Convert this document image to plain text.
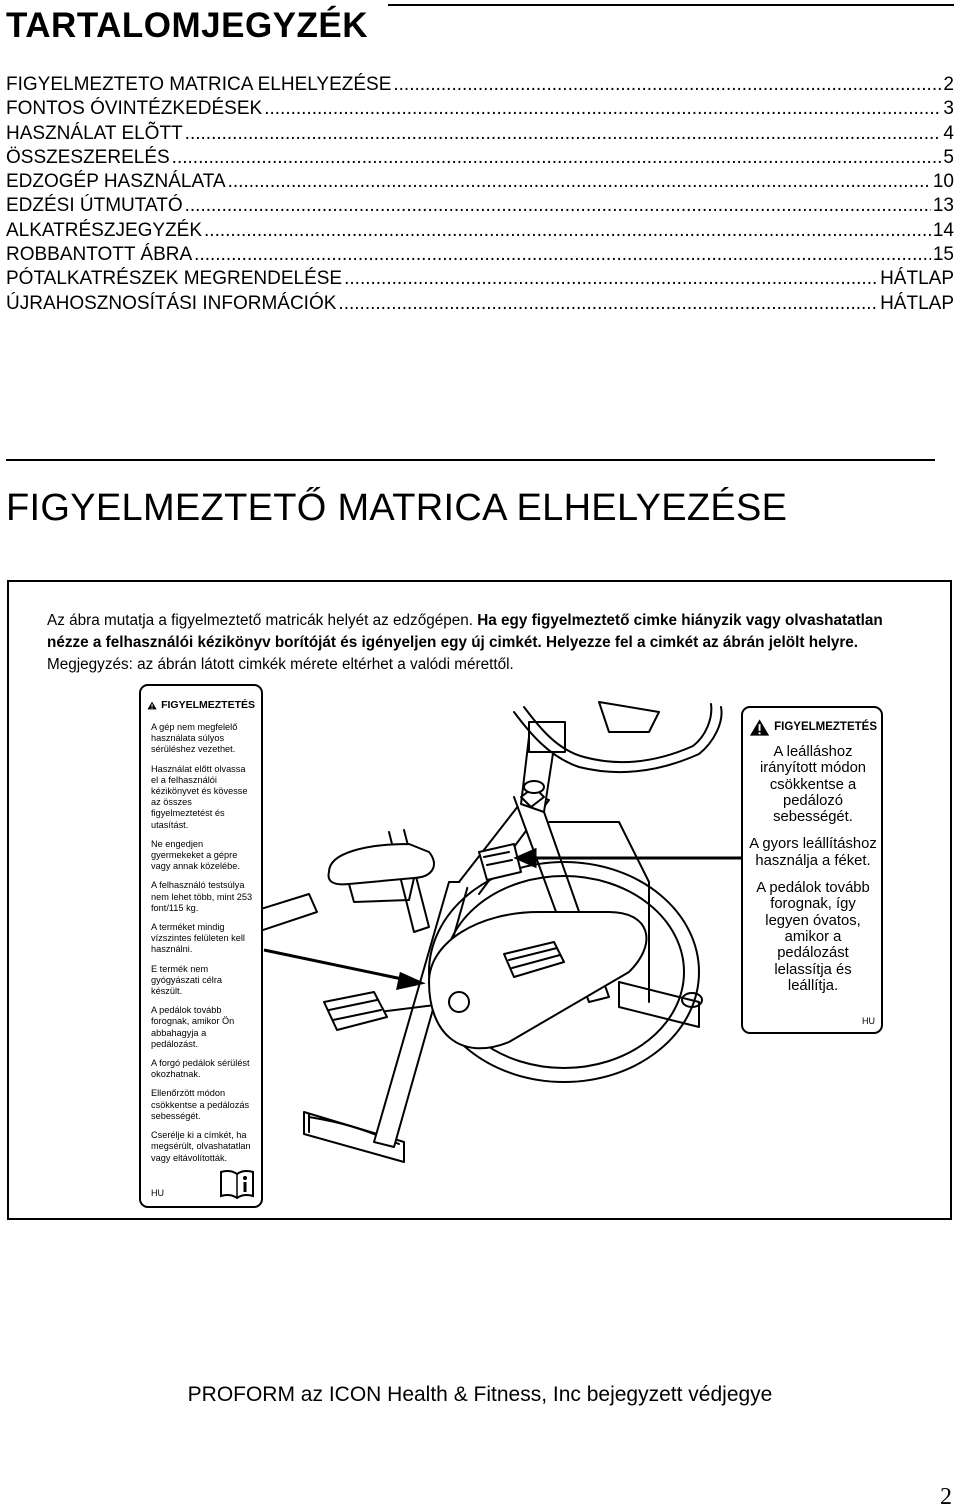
TARTALOMJEGYZÉK
FIGYELMEZTETO MATRICA ELHELYEZÉSE .....	2
FONTOS ÓVINTÉZKEDÉSEK .....	3
HASZNÁLAT ELÕTT .....	4
ÖSSZESZERELÉS .....	5
EDZOGÉP HASZNÁLATA .....	10
EDZÉSI ÚTMUTATÓ .....	13
ALKATRÉSZJEGYZÉK .....	14
ROBBANTOTT ÁBRA .....	15
PÓTALKATRÉSZEK MEGRENDELÉSE .....	HÁTLAP
ÚJRAHOSZNOSÍTÁSI INFORMÁCIÓK .....	HÁTLAP
FIGYELMEZTETŐ MATRICA ELHELYEZÉSE
Az ábra mutatja a figyelmeztető matricák helyét az edzőgépen. Ha egy figyelmeztető cimke hiányzik vagy olvashatatlan nézze a felhasználói kézikönyv borítóját és igényeljen egy új cimkét. Helyezze fel a cimkét az ábrán jelölt helyre. Megjegyzés: az ábrán látott cimkék mérete eltérhet a valódi mérettől.
FIGYELMEZTETÉS

A gép nem megfelelő használata súlyos sérüléshez vezethet.

Használat előtt olvassa el a felhasználói kézikönyvet és kövesse az összes figyelmeztetést és utasítást.

Ne engedjen gyermekeket a gépre vagy annak közelébe.

A felhasználó testsúlya nem lehet több, mint 253 font/115 kg.

A terméket mindig vízszintes felületen kell használni.

E termék nem gyógyászati célra készült.

A pedálok tovább forognak, amikor Ön abbahagyja a pedálozást.

A forgó pedálok sérülést okozhatnak.

Ellenőrzött módon csökkentse a pedálozás sebességét.

Cserélje ki a címkét, ha megsérült, olvashatatlan vagy eltávolították.

HU
FIGYELMEZTETÉS

A leálláshoz irányított módon csökkentse a pedálozó sebességét.

A gyors leállításhoz használja a féket.

A pedálok tovább forognak, így legyen óvatos, amikor a pedálozást lelassítja és leállítja.

HU
PROFORM az ICON Health & Fitness, Inc bejegyzett védjegye
2
